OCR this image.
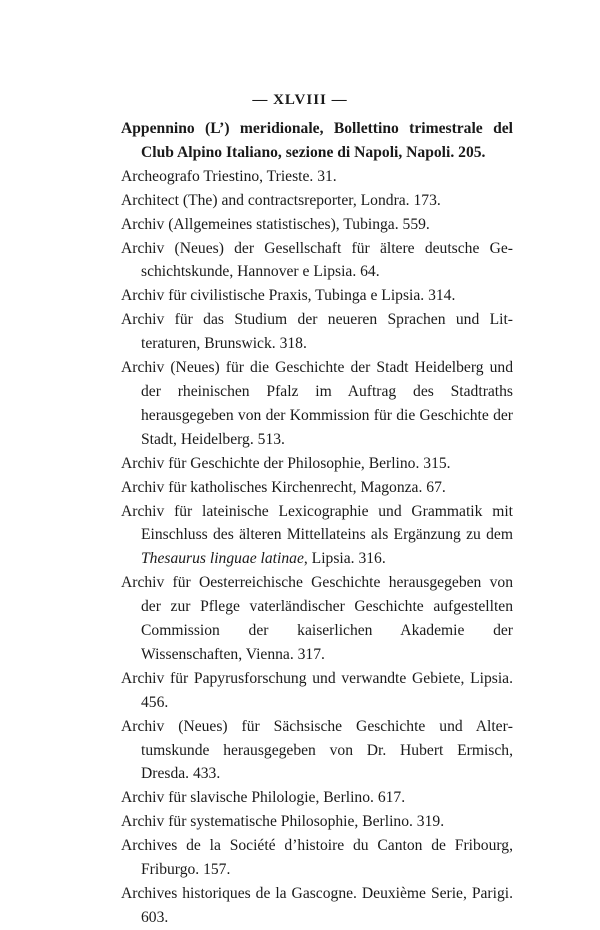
— XLVIII —
Appennino (L’) meridionale, Bollettino trimestrale del Club Alpino Italiano, sezione di Napoli, Napoli. 205.
Archeografo Triestino, Trieste. 31.
Architect (The) and contractsreporter, Londra. 173.
Archiv (Allgemeines statistisches), Tubinga. 559.
Archiv (Neues) der Gesellschaft für ältere deutsche Geschichtskunde, Hannover e Lipsia. 64.
Archiv für civilistische Praxis, Tubinga e Lipsia. 314.
Archiv für das Studium der neueren Sprachen und Litteraturen, Brunswick. 318.
Archiv (Neues) für die Geschichte der Stadt Heidelberg und der rheinischen Pfalz im Auftrag des Stadtraths herausgegeben von der Kommission für die Geschichte der Stadt, Heidelberg. 513.
Archiv für Geschichte der Philosophie, Berlino. 315.
Archiv für katholisches Kirchenrecht, Magonza. 67.
Archiv für lateinische Lexicographie und Grammatik mit Einschluss des älteren Mittellateins als Ergänzung zu dem Thesaurus linguae latinae, Lipsia. 316.
Archiv für Oesterreichische Geschichte herausgegeben von der zur Pflege vaterländischer Geschichte aufgestellten Commission der kaiserlichen Akademie der Wissenschaften, Vienna. 317.
Archiv für Papyrusforschung und verwandte Gebiete, Lipsia. 456.
Archiv (Neues) für Sächsische Geschichte und Altertumskunde herausgegeben von Dr. Hubert Ermisch, Dresda. 433.
Archiv für slavische Philologie, Berlino. 617.
Archiv für systematische Philosophie, Berlino. 319.
Archives de la Société d’histoire du Canton de Fribourg, Friburgo. 157.
Archives historiques de la Gascogne. Deuxième Serie, Parigi. 603.
